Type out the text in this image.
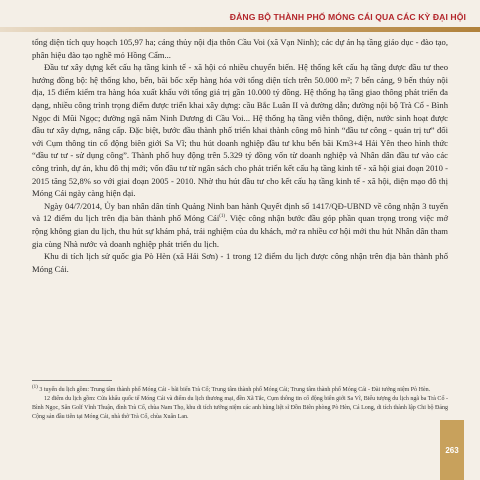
ĐẢNG BỘ THÀNH PHỐ MÓNG CÁI QUA CÁC KỲ ĐẠI HỘI

tổng diện tích quy hoạch 105,97 ha; cảng thủy nội địa thôn Cầu Voi (xã Vạn Ninh); các dự án hạ tầng giáo dục - đào tạo, phân hiệu đào tạo nghề mỏ Hồng Cẩm...

Đầu tư xây dựng kết cấu hạ tầng kinh tế - xã hội có nhiều chuyển biến. Hệ thống kết cấu hạ tầng được đầu tư theo hướng đồng bộ: hệ thống kho, bến, bãi bốc xếp hàng hóa với tổng diện tích trên 50.000 m²; 7 bến cảng, 9 bến thủy nội địa, 15 điểm kiểm tra hàng hóa xuất khẩu với tổng giá trị gần 10.000 tỷ đồng. Hệ thống hạ tầng giao thông phát triển đa dạng, nhiều công trình trọng điểm được triển khai xây dựng: cầu Bắc Luân II và đường dẫn; đường nội bộ Trà Cổ - Bình Ngọc đi Mũi Ngọc; đường ngã năm Ninh Dương đi Cầu Voi... Hệ thống hạ tầng viễn thông, điện, nước sinh hoạt được đầu tư xây dựng, nâng cấp. Đặc biệt, bước đầu thành phố triển khai thành công mô hình “đầu tư công - quản trị tư” đối với Cụm thông tin cổ động biên giới Sa Vĩ; thu hút doanh nghiệp đầu tư khu bến bãi Km3+4 Hải Yên theo hình thức “đầu tư tư - sử dụng công”. Thành phố huy động trên 5.329 tỷ đồng vốn từ doanh nghiệp và Nhân dân đầu tư vào các công trình, dự án, khu đô thị mới; vốn đầu tư từ ngân sách cho phát triển kết cấu hạ tầng kinh tế - xã hội giai đoạn 2010 - 2015 tăng 52,8% so với giai đoạn 2005 - 2010. Nhờ thu hút đầu tư cho kết cấu hạ tầng kinh tế - xã hội, diện mạo đô thị Móng Cái ngày càng hiện đại.

Ngày 04/7/2014, Ủy ban nhân dân tỉnh Quảng Ninh ban hành Quyết định số 1417/QĐ-UBND về công nhận 3 tuyến và 12 điểm du lịch trên địa bàn thành phố Móng Cái$^{(1)}$. Việc công nhận bước đầu góp phần quan trọng trong việc mở rộng không gian du lịch, thu hút sự khám phá, trải nghiệm của du khách, mở ra nhiều cơ hội mới thu hút Nhân dân tham gia cùng Nhà nước và doanh nghiệp phát triển du lịch.

Khu di tích lịch sử quốc gia Pò Hèn (xã Hải Sơn) - 1 trong 12 điểm du lịch được công nhận trên địa bàn thành phố Móng Cái.

$^{(1)}$ 3 tuyến du lịch gồm: Trung tâm thành phố Móng Cái - bãi biển Trà Cổ; Trung tâm thành phố Móng Cái; Trung tâm thành phố Móng Cái - Đài tưởng niệm Pò Hèn.

12 điểm du lịch gồm: Cửa khẩu quốc tế Móng Cái và điểm du lịch thương mại, đền Xã Tắc, Cụm thông tin cổ động biên giới Sa Vĩ, Biểu tượng du lịch ngã ba Trà Cổ - Bình Ngọc, Sân Golf Vĩnh Thuận, đình Trà Cổ, chùa Nam Thọ, khu di tích tưởng niệm các anh hùng liệt sĩ Đồn Biên phòng Pò Hèn, Cá Long, di tích thành lập Chi bộ Đảng Cộng sản đầu tiên tại Móng Cái, nhà thờ Trà Cổ, chùa Xuân Lan.

263
